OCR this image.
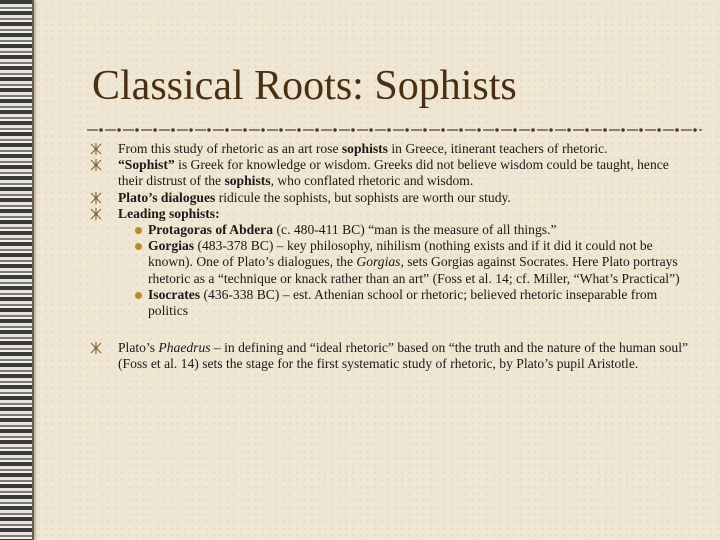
Classical Roots: Sophists
From this study of rhetoric as an art rose sophists in Greece, itinerant teachers of rhetoric.
“Sophist” is Greek for knowledge or wisdom. Greeks did not believe wisdom could be taught, hence their distrust of the sophists, who conflated rhetoric and wisdom.
Plato’s dialogues ridicule the sophists, but sophists are worth our study.
Leading sophists:
Protagoras of Abdera (c. 480-411 BC) “man is the measure of all things.”
Gorgias (483-378 BC) – key philosophy, nihilism (nothing exists and if it did it could not be known). One of Plato’s dialogues, the Gorgias, sets Gorgias against Socrates. Here Plato portrays rhetoric as a “technique or knack rather than an art” (Foss et al. 14; cf. Miller, “What’s Practical”)
Isocrates (436-338 BC) – est. Athenian school or rhetoric; believed rhetoric inseparable from politics
Plato’s Phaedrus – in defining and “ideal rhetoric” based on “the truth and the nature of the human soul” (Foss et al. 14) sets the stage for the first systematic study of rhetoric, by Plato’s pupil Aristotle.
